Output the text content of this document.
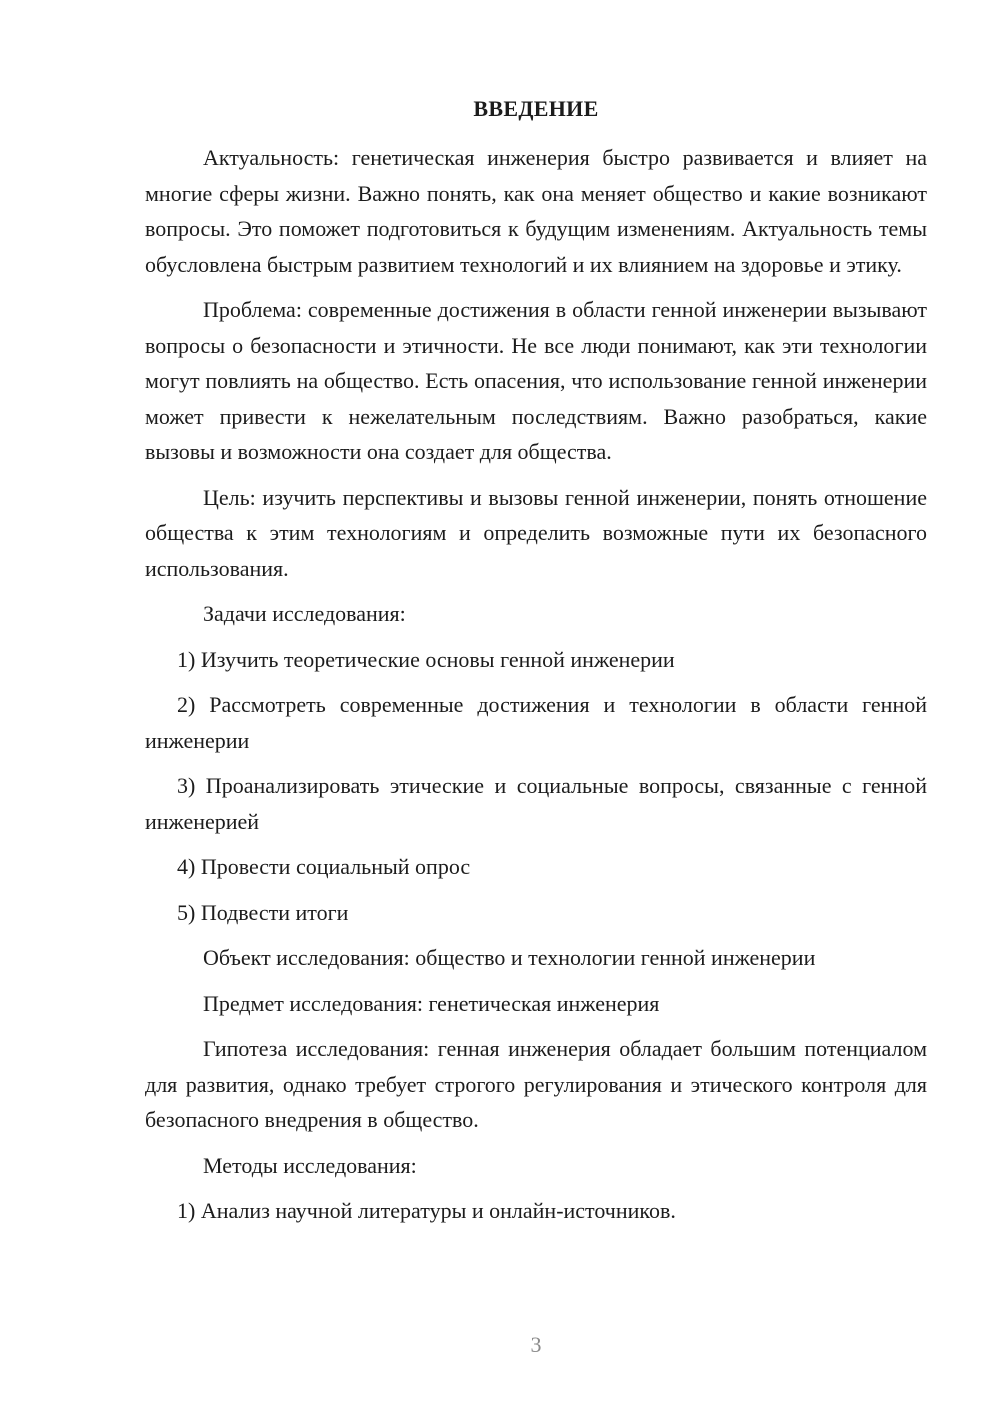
ВВЕДЕНИЕ

Актуальность: генетическая инженерия быстро развивается и влияет на многие сферы жизни. Важно понять, как она меняет общество и какие возникают вопросы. Это поможет подготовиться к будущим изменениям. Актуальность темы обусловлена быстрым развитием технологий и их влиянием на здоровье и этику.

Проблема: современные достижения в области генной инженерии вызывают вопросы о безопасности и этичности. Не все люди понимают, как эти технологии могут повлиять на общество. Есть опасения, что использование генной инженерии может привести к нежелательным последствиям. Важно разобраться, какие вызовы и возможности она создает для общества.

Цель: изучить перспективы и вызовы генной инженерии, понять отношение общества к этим технологиям и определить возможные пути их безопасного использования.

Задачи исследования:

1) Изучить теоретические основы генной инженерии

2) Рассмотреть современные достижения и технологии в области генной инженерии

3) Проанализировать этические и социальные вопросы, связанные с генной инженерией

4) Провести социальный опрос

5) Подвести итоги

Объект исследования: общество и технологии генной инженерии

Предмет исследования: генетическая инженерия

Гипотеза исследования: генная инженерия обладает большим потенциалом для развития, однако требует строгого регулирования и этического контроля для безопасного внедрения в общество.

Методы исследования:

1) Анализ научной литературы и онлайн-источников.

3
